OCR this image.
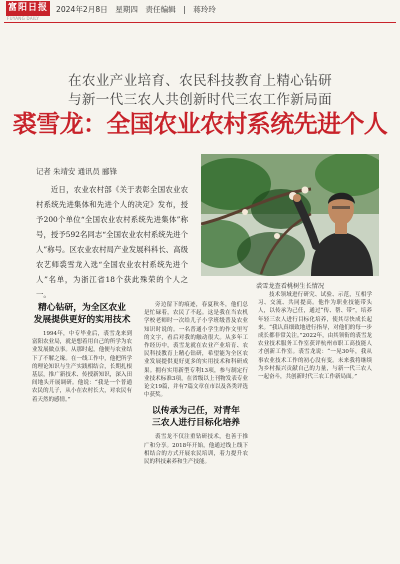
富阳日报
FUYANG DAILY
2024年2月8日 星期四 责任编辑 | 蒋玲玲
在农业产业培育、农民科技教育上精心钻研
与新一代三农人共创新时代三农工作新局面
裘雪龙：全国农业农村系统先进个人
记者 朱靖安 通讯员 郦锋

近日，农业农村部《关于表彰全国农业农村系统先进集体和先进个人的决定》发布，授予200个单位“全国农业农村系统先进集体”称号，授予592名同志“全国农业农村系统先进个人”称号。区农业农村局产业发展科科长、高级农艺师裘雪龙入选“全国农业农村系统先进个人”名单，为浙江省18个获此殊荣的个人之一。

裘雪龙查看桃树生长情况
精心钻研，为全区农业
发展提供更好的实用技术

1994年，中专毕业后，裘雪龙来到富阳农业局，就是想着用自己的所学为农业发展做点事。从那时起，他便与农业结下了不解之缘。在一线工作中，他把所学的理论知识与生产实践相结合，长期扎根基层，推广新技术、传授新知识，深入田间地头开展调研。他说：“我是一个普通农民的儿子，从小在农村长大，对农民有着天然的感情。”

旁边留下的痕迹，春夏秋冬，他们总是忙碌着，农民了不起。这是我在当农机学校老师时一次给儿子小学班级普及农业知识时说的。一名普通小学生的作文里写的文字，看后对我的触动很大。从多年工作经历中，裘雪龙就在农业产业培育、农民科技教育上精心钻研，希望能为全区农业发展提供更好更多的实用技术和科研成果。拥有实用新型专利13项，参与制定行业技术标准3项，在省级以上刊物发表专业论文19篇，并有7篇文章在市以及各类评选中获奖。

以传承为己任，对青年
三农人进行目标化培养

裘雪龙不仅注重钻研技术，也善于推广和分享。2018年开始，他通过线上线下相结合的方式开展农民培训，着力提升农民的科技素养和生产技能。

技术领域进行研究、试验、示范，互相学习、交流、共同提高。他作为职业技能带头人，以传承为己任，通过“传、帮、带”，培养年轻三农人进行目标化培养，使其尽快成长起来。“我认真细致地进行指导，对他们的每一步成长都非常关注。”2022年，由其领衔的裘雪龙农业技术服务工作室获评杭州市职工高技能人才创新工作室。裘雪龙说：“一晃30年，我从事农业技术工作的初心没有变。未来我将继续为乡村振兴贡献自己的力量，与新一代三农人一起奋斗，共创新时代三农工作新局面。”
